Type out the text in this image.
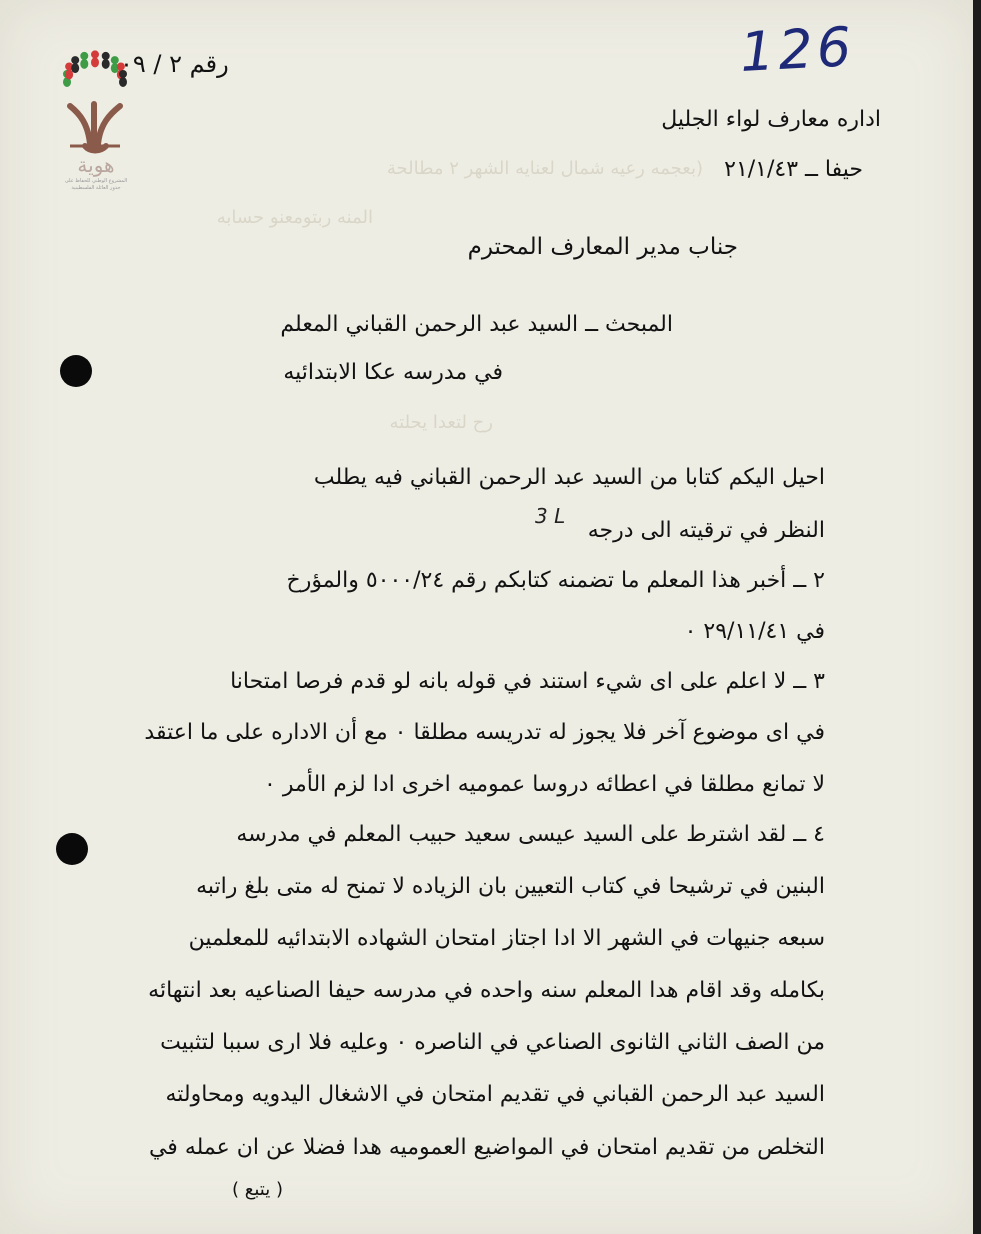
هوية
المشروع الوطني للحفاظ على
جذور العائلة الفلسطينية
رقم ٢ / ٠٩	126
(بعجمه رعيه شمال لعنايه الشهر ٢ مطالحة
المنه ربتومعنو حسابه
رح لتعدا يحلته
اداره معارف لواء الجليل
حيفا ــ ٢١/١/٤٣
جناب مدير المعارف المحترم
المبحث ــ السيد عبد الرحمن القباني المعلم
في مدرسه عكا الابتدائيه
3 L
احيل اليكم كتابا من السيد عبد الرحمن القباني فيه يطلب
النظر في ترقيته الى درجه
٢ ــ أخبر هذا المعلم ما تضمنه كتابكم رقم ٥٠٠٠/٢٤ والمؤرخ
في ٢٩/١١/٤١ ٠
٣ ــ لا اعلم على اى شيء استند في قوله بانه لو قدم فرصا امتحانا
في اى موضوع آخر فلا يجوز له تدريسه مطلقا ٠ مع أن الاداره على ما اعتقد
لا تمانع مطلقا في اعطائه دروسا عموميه اخرى ادا لزم الأمر ٠
٤ ــ لقد اشترط على السيد عيسى سعيد حبيب المعلم في مدرسه
البنين في ترشيحا في كتاب التعيين بان الزياده لا تمنح له متى بلغ راتبه
سبعه جنيهات في الشهر الا ادا اجتاز امتحان الشهاده الابتدائيه للمعلمين
بكامله وقد اقام هدا المعلم سنه واحده في مدرسه حيفا الصناعيه بعد انتهائه
من الصف الثاني الثانوى الصناعي في الناصره ٠ وعليه فلا ارى سببا لتثبيت
السيد عبد الرحمن القباني في تقديم امتحان في الاشغال اليدويه ومحاولته
التخلص من تقديم امتحان في المواضيع العموميه هدا فضلا عن ان عمله في
( يتبع )
